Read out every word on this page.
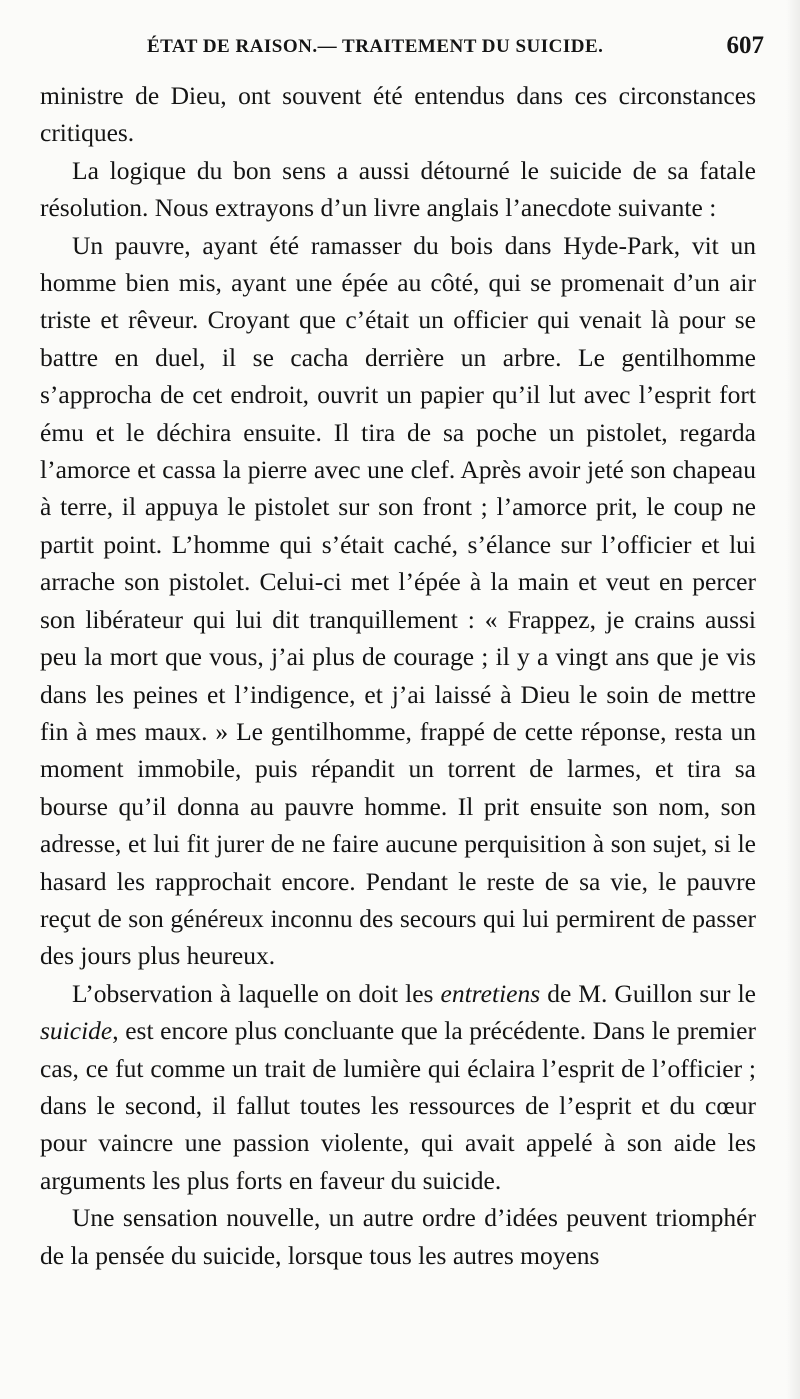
ÉTAT DE RAISON.— TRAITEMENT DU SUICIDE.	607

ministre de Dieu, ont souvent été entendus dans ces circonstances critiques.

La logique du bon sens a aussi détourné le suicide de sa fatale résolution. Nous extrayons d’un livre anglais l’anecdote suivante :

Un pauvre, ayant été ramasser du bois dans Hyde-Park, vit un homme bien mis, ayant une épée au côté, qui se promenait d’un air triste et rêveur. Croyant que c’était un officier qui venait là pour se battre en duel, il se cacha derrière un arbre. Le gentilhomme s’approcha de cet endroit, ouvrit un papier qu’il lut avec l’esprit fort ému et le déchira ensuite. Il tira de sa poche un pistolet, regarda l’amorce et cassa la pierre avec une clef. Après avoir jeté son chapeau à terre, il appuya le pistolet sur son front ; l’amorce prit, le coup ne partit point. L’homme qui s’était caché, s’élance sur l’officier et lui arrache son pistolet. Celui-ci met l’épée à la main et veut en percer son libérateur qui lui dit tranquillement : « Frappez, je crains aussi peu la mort que vous, j’ai plus de courage ; il y a vingt ans que je vis dans les peines et l’indigence, et j’ai laissé à Dieu le soin de mettre fin à mes maux. » Le gentilhomme, frappé de cette réponse, resta un moment immobile, puis répandit un torrent de larmes, et tira sa bourse qu’il donna au pauvre homme. Il prit ensuite son nom, son adresse, et lui fit jurer de ne faire aucune perquisition à son sujet, si le hasard les rapprochait encore. Pendant le reste de sa vie, le pauvre reçut de son généreux inconnu des secours qui lui permirent de passer des jours plus heureux.

L’observation à laquelle on doit les entretiens de M. Guillon sur le suicide, est encore plus concluante que la précédente. Dans le premier cas, ce fut comme un trait de lumière qui éclaira l’esprit de l’officier ; dans le second, il fallut toutes les ressources de l’esprit et du cœur pour vaincre une passion violente, qui avait appelé à son aide les arguments les plus forts en faveur du suicide.

Une sensation nouvelle, un autre ordre d’idées peuvent triomphér de la pensée du suicide, lorsque tous les autres moyens
